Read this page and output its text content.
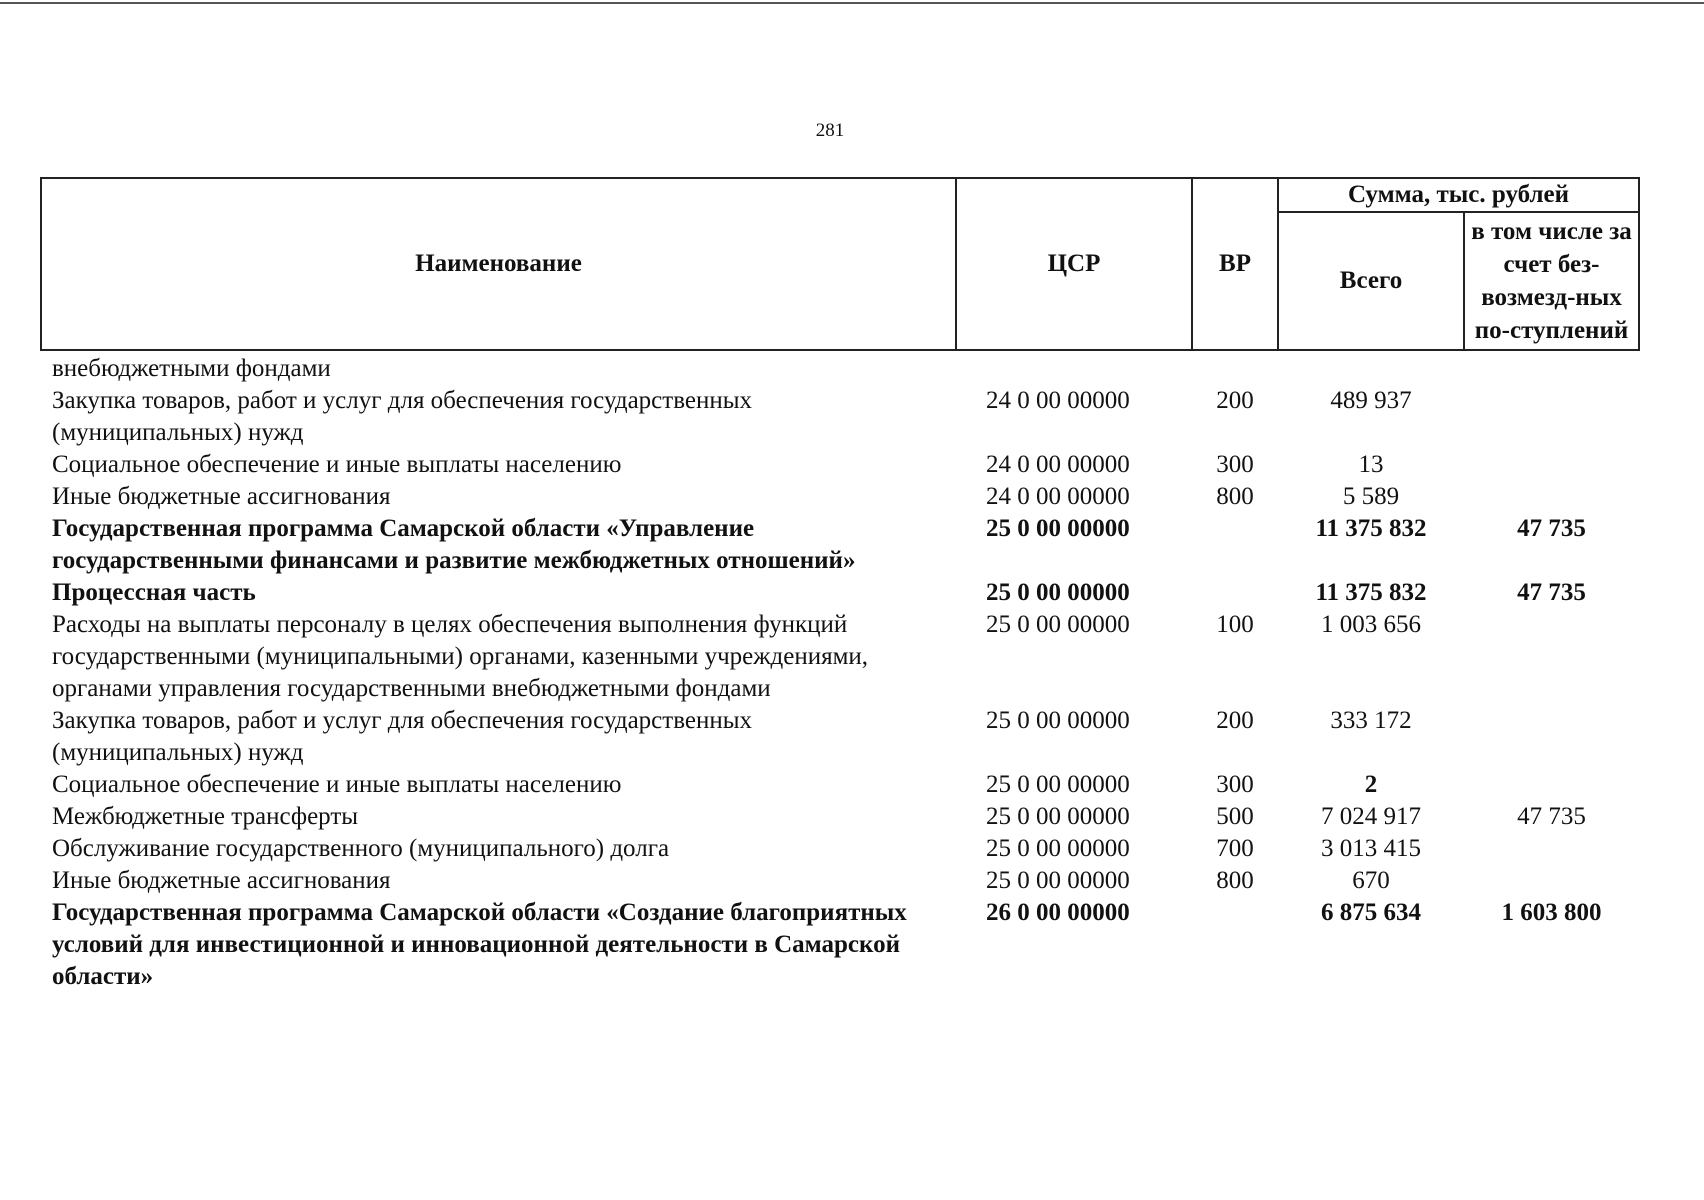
281
Наименование	ЦСР	ВР	Сумма, тыс. рублей	
			Всего	в том числе за счет без-возмезд-ных по-ступлений
внебюджетными фондами				
Закупка товаров, работ и услуг для обеспечения государственных (муниципальных) нужд	24 0 00 00000	200	489 937	
Социальное обеспечение и иные выплаты населению	24 0 00 00000	300	13	
Иные бюджетные ассигнования	24 0 00 00000	800	5 589	
Государственная программа Самарской области «Управление государственными финансами и развитие межбюджетных отношений»	25 0 00 00000		11 375 832	47 735
Процессная часть	25 0 00 00000		11 375 832	47 735
Расходы на выплаты персоналу в целях обеспечения выполнения функций государственными (муниципальными) органами, казенными учреждениями, органами управления государственными внебюджетными фондами	25 0 00 00000	100	1 003 656	
Закупка товаров, работ и услуг для обеспечения государственных (муниципальных) нужд	25 0 00 00000	200	333 172	
Социальное обеспечение и иные выплаты населению	25 0 00 00000	300	2	
Межбюджетные трансферты	25 0 00 00000	500	7 024 917	47 735
Обслуживание государственного (муниципального) долга	25 0 00 00000	700	3 013 415	
Иные бюджетные ассигнования	25 0 00 00000	800	670	
Государственная программа Самарской области «Создание благоприятных условий для инвестиционной и инновационной деятельности в Самарской области»	26 0 00 00000		6 875 634	1 603 800
